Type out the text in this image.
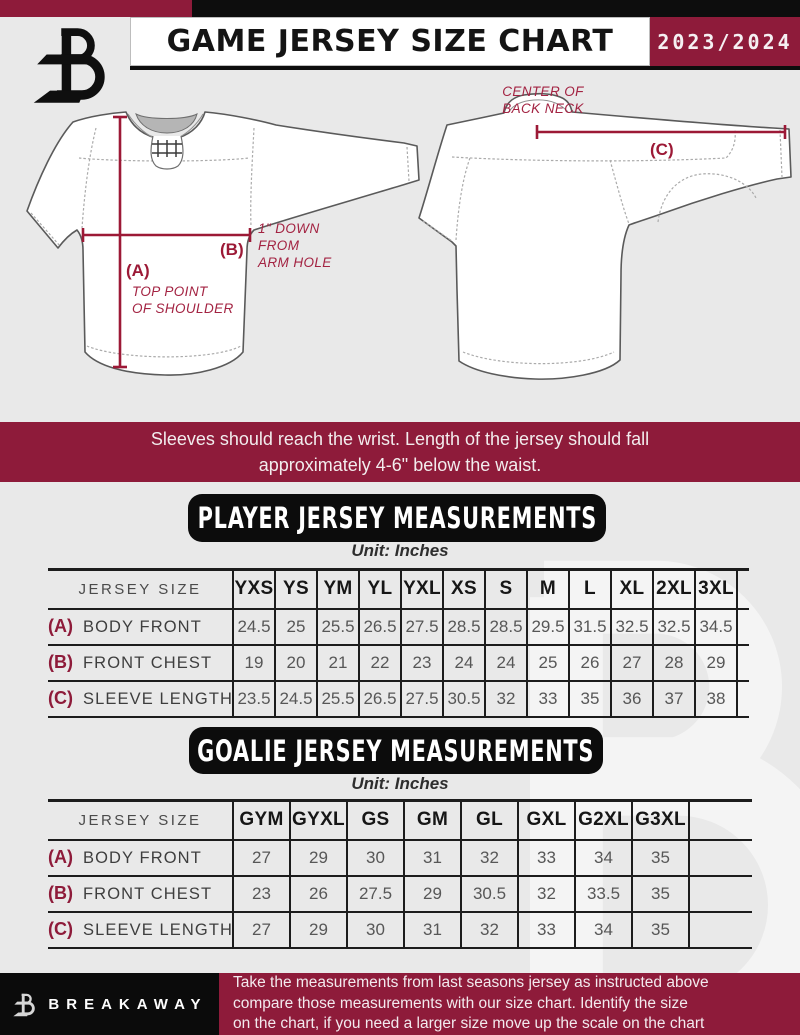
GAME JERSEY SIZE CHART 2023/2024
(B)
1" DOWN
FROM
ARM HOLE
(A)
TOP POINT
OF SHOULDER
(C)
CENTER OF
BACK NECK
Sleeves should reach the wrist. Length of the jersey should fall
approximately 4-6" below the waist.
PLAYER JERSEY MEASUREMENTS
Unit: Inches
JERSEY SIZE	YXS	YS	YM	YL	YXL	XS	S	M	L	XL	2XL	3XL	
(A) BODY FRONT	24.5	25	25.5	26.5	27.5	28.5	28.5	29.5	31.5	32.5	32.5	34.5	
(B) FRONT CHEST	19	20	21	22	23	24	24	25	26	27	28	29	
(C) SLEEVE LENGTH	23.5	24.5	25.5	26.5	27.5	30.5	32	33	35	36	37	38	
GOALIE JERSEY MEASUREMENTS
Unit: Inches
JERSEY SIZE	GYM	GYXL	GS	GM	GL	GXL	G2XL	G3XL	
(A) BODY FRONT	27	29	30	31	32	33	34	35	
(B) FRONT CHEST	23	26	27.5	29	30.5	32	33.5	35	
(C) SLEEVE LENGTH	27	29	30	31	32	33	34	35	
BREAKAWAY
Take the measurements from last seasons jersey as instructed above
compare those measurements with our size chart. Identify the size
on the chart, if you need a larger size move up the scale on the chart
